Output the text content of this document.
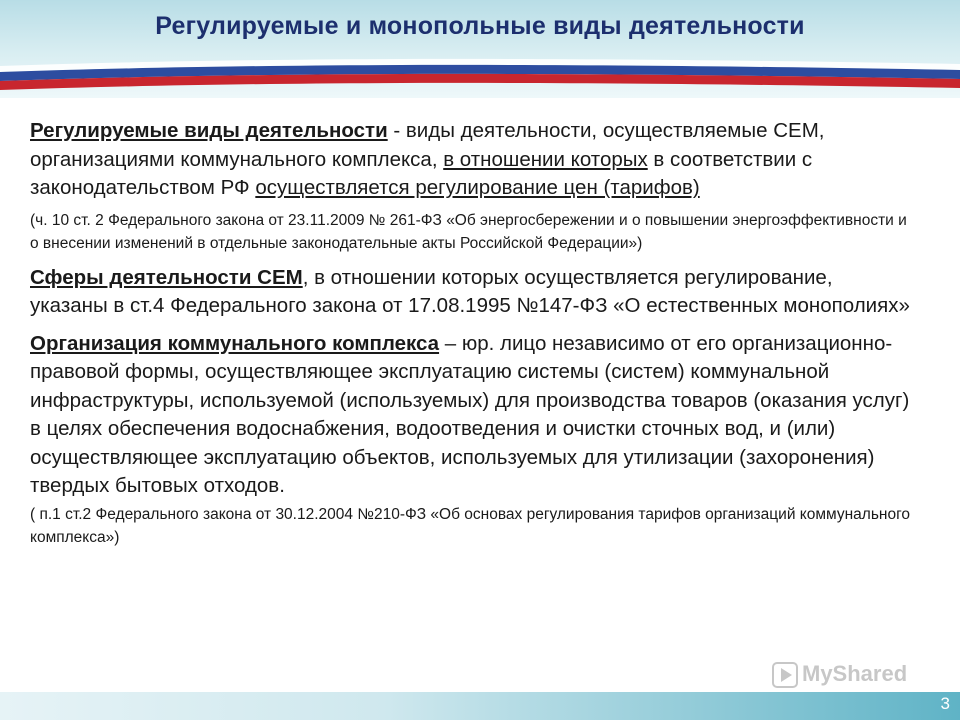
Регулируемые и монопольные виды деятельности

Регулируемые виды деятельности - виды деятельности, осуществляемые СЕМ, организациями коммунального комплекса, в отношении которых в соответствии с законодательством РФ осуществляется регулирование цен (тарифов)

(ч. 10 ст. 2 Федерального закона от 23.11.2009 № 261-ФЗ «Об энергосбережении и о повышении энергоэффективности и о внесении изменений в отдельные законодательные акты Российской Федерации»)

Сферы деятельности СЕМ, в отношении которых осуществляется регулирование, указаны в ст.4 Федерального закона от 17.08.1995 №147-ФЗ «О естественных монополиях»

Организация коммунального комплекса – юр. лицо независимо от его организационно-правовой формы, осуществляющее эксплуатацию системы (систем) коммунальной инфраструктуры, используемой (используемых) для производства товаров (оказания услуг) в целях обеспечения водоснабжения, водоотведения и очистки сточных вод, и (или) осуществляющее эксплуатацию объектов, используемых для утилизации (захоронения) твердых бытовых отходов.

( п.1 ст.2 Федерального закона от 30.12.2004 №210-ФЗ «Об основах регулирования тарифов организаций коммунального комплекса»)

MyShared
3
